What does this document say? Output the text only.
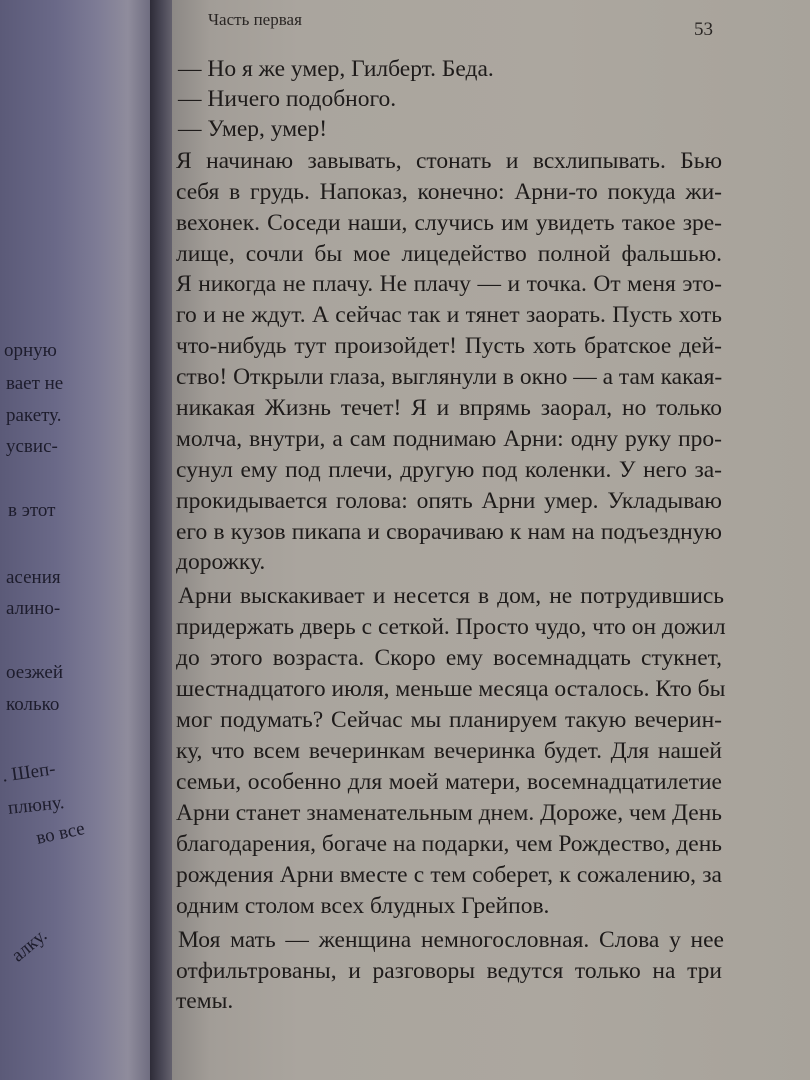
орную
вает не
ракету.
усвис-
в этот
асения
алино-
оезжей
колько
. Шеп-
плюну.
во все
алку.
Часть первая	53
— Но я же умер, Гилберт. Беда.
— Ничего подобного.
— Умер, умер!
Я начинаю завывать, стонать и всхлипывать. Бью
себя в грудь. Напоказ, конечно: Арни-то покуда жи-
вехонек. Соседи наши, случись им увидеть такое зре-
лище, сочли бы мое лицедейство полной фальшью.
Я никогда не плачу. Не плачу — и точка. От меня это-
го и не ждут. А сейчас так и тянет заорать. Пусть хоть
что-нибудь тут произойдет! Пусть хоть братское дей-
ство! Открыли глаза, выглянули в окно — а там какая-
никакая Жизнь течет! Я и впрямь заорал, но только
молча, внутри, а сам поднимаю Арни: одну руку про-
сунул ему под плечи, другую под коленки. У него за-
прокидывается голова: опять Арни умер. Укладываю
его в кузов пикапа и сворачиваю к нам на подъездную
дорожку.
Арни выскакивает и несется в дом, не потрудившись
придержать дверь с сеткой. Просто чудо, что он дожил
до этого возраста. Скоро ему восемнадцать стукнет,
шестнадцатого июля, меньше месяца осталось. Кто бы
мог подумать? Сейчас мы планируем такую вечерин-
ку, что всем вечеринкам вечеринка будет. Для нашей
семьи, особенно для моей матери, восемнадцатилетие
Арни станет знаменательным днем. Дороже, чем День
благодарения, богаче на подарки, чем Рождество, день
рождения Арни вместе с тем соберет, к сожалению, за
одним столом всех блудных Грейпов.
Моя мать — женщина немногословная. Слова у нее
отфильтрованы, и разговоры ведутся только на три
темы.
